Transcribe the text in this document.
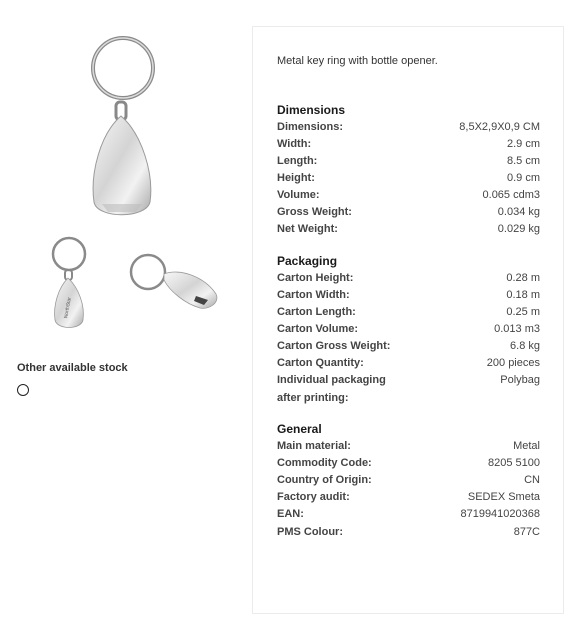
NorthStar
Other available stock
Metal key ring with bottle opener.
Dimensions
Dimensions:	8,5X2,9X0,9 CM
Width:	2.9 cm
Length:	8.5 cm
Height:	0.9 cm
Volume:	0.065 cdm3
Gross Weight:	0.034 kg
Net Weight:	0.029 kg
Packaging
Carton Height:	0.28 m
Carton Width:	0.18 m
Carton Length:	0.25 m
Carton Volume:	0.013 m3
Carton Gross Weight:	6.8 kg
Carton Quantity:	200 pieces
Individual packaging	Polybag
after printing:
General
Main material:	Metal
Commodity Code:	8205 5100
Country of Origin:	CN
Factory audit:	SEDEX Smeta
EAN:	8719941020368
PMS Colour:	877C
